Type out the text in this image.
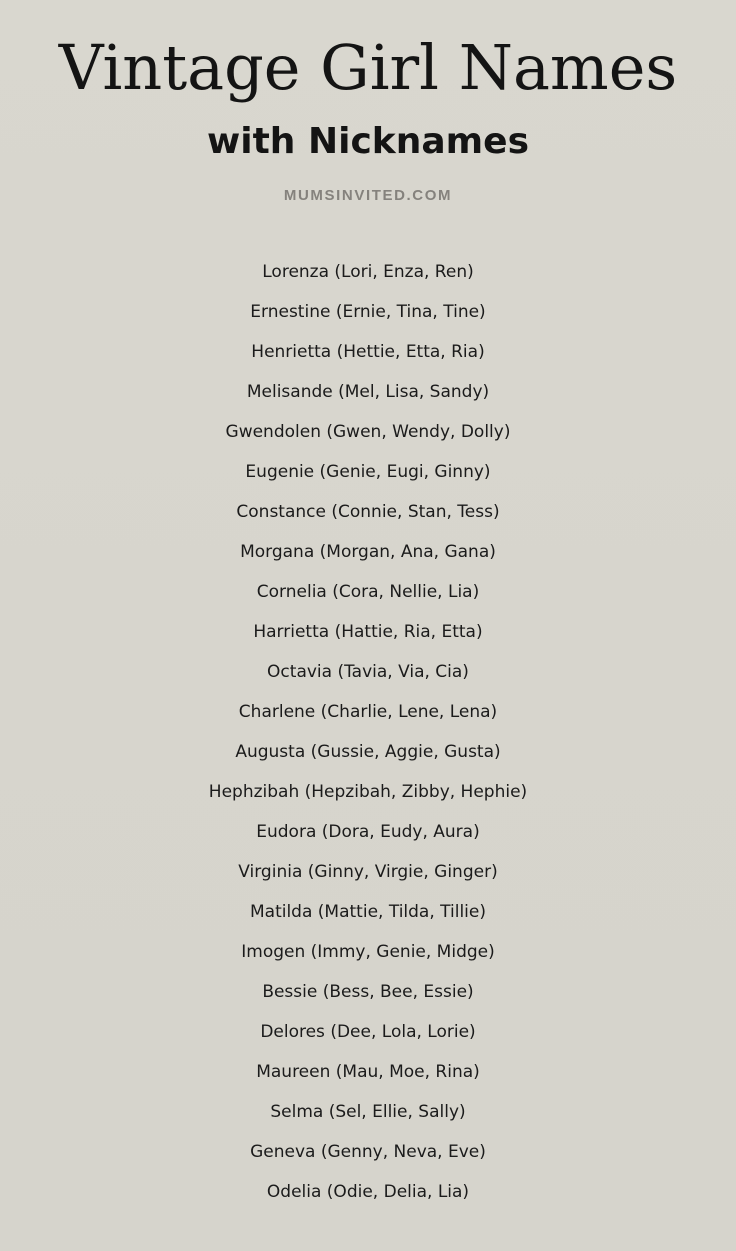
Vintage Girl Names
with Nicknames
MUMSINVITED.COM
Lorenza (Lori, Enza, Ren)
Ernestine (Ernie, Tina, Tine)
Henrietta (Hettie, Etta, Ria)
Melisande (Mel, Lisa, Sandy)
Gwendolen (Gwen, Wendy, Dolly)
Eugenie (Genie, Eugi, Ginny)
Constance (Connie, Stan, Tess)
Morgana (Morgan, Ana, Gana)
Cornelia (Cora, Nellie, Lia)
Harrietta (Hattie, Ria, Etta)
Octavia (Tavia, Via, Cia)
Charlene (Charlie, Lene, Lena)
Augusta (Gussie, Aggie, Gusta)
Hephzibah (Hepzibah, Zibby, Hephie)
Eudora (Dora, Eudy, Aura)
Virginia (Ginny, Virgie, Ginger)
Matilda (Mattie, Tilda, Tillie)
Imogen (Immy, Genie, Midge)
Bessie (Bess, Bee, Essie)
Delores (Dee, Lola, Lorie)
Maureen (Mau, Moe, Rina)
Selma (Sel, Ellie, Sally)
Geneva (Genny, Neva, Eve)
Odelia (Odie, Delia, Lia)
